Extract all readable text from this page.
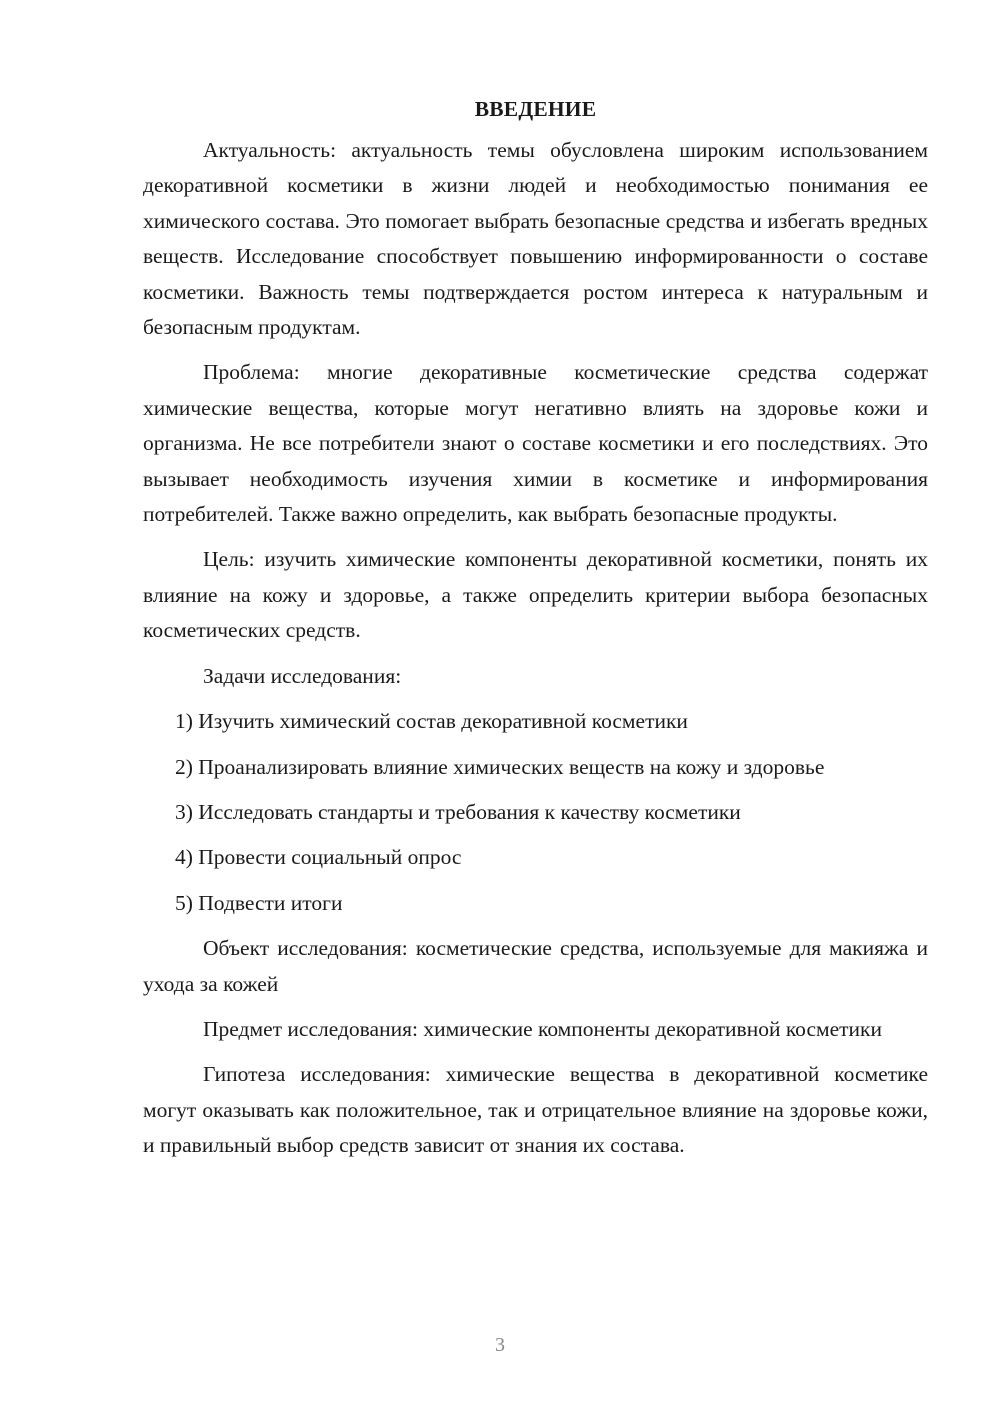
ВВЕДЕНИЕ

Актуальность: актуальность темы обусловлена широким использованием декоративной косметики в жизни людей и необходимостью понимания ее химического состава. Это помогает выбрать безопасные средства и избегать вредных веществ. Исследование способствует повышению информированности о составе косметики. Важность темы подтверждается ростом интереса к натуральным и безопасным продуктам.

Проблема: многие декоративные косметические средства содержат химические вещества, которые могут негативно влиять на здоровье кожи и организма. Не все потребители знают о составе косметики и его последствиях. Это вызывает необходимость изучения химии в косметике и информирования потребителей. Также важно определить, как выбрать безопасные продукты.

Цель: изучить химические компоненты декоративной косметики, понять их влияние на кожу и здоровье, а также определить критерии выбора безопасных косметических средств.

Задачи исследования:

1) Изучить химический состав декоративной косметики
2) Проанализировать влияние химических веществ на кожу и здоровье
3) Исследовать стандарты и требования к качеству косметики
4) Провести социальный опрос
5) Подвести итоги

Объект исследования: косметические средства, используемые для макияжа и ухода за кожей

Предмет исследования: химические компоненты декоративной косметики

Гипотеза исследования: химические вещества в декоративной косметике могут оказывать как положительное, так и отрицательное влияние на здоровье кожи, и правильный выбор средств зависит от знания их состава.

3
